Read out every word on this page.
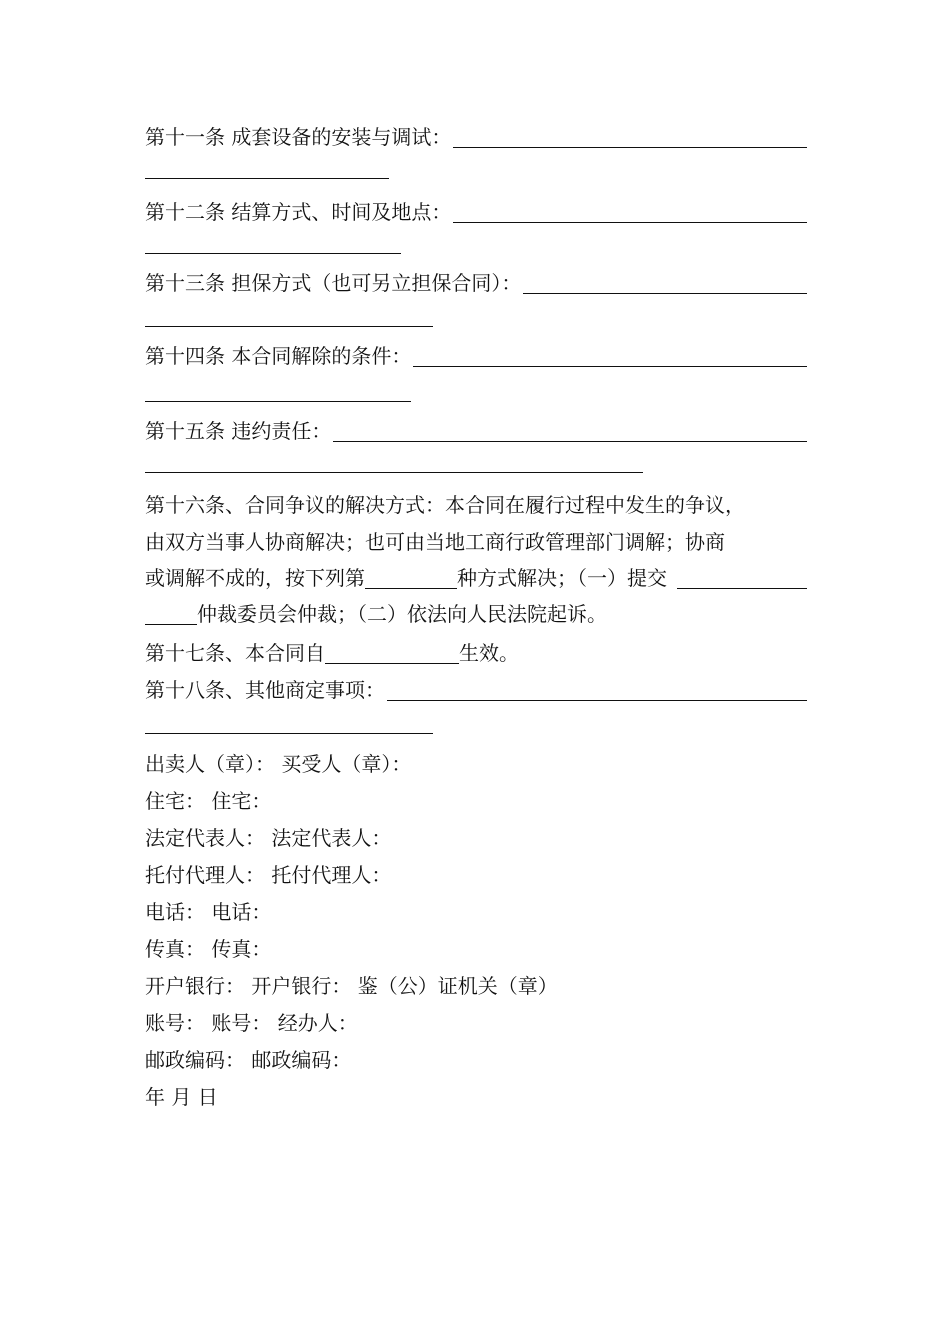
第十一条 成套设备的安装与调试：
第十二条 结算方式、时间及地点：
第十三条 担保方式（也可另立担保合同）：
第十四条 本合同解除的条件：
第十五条 违约责任：
第十六条、合同争议的解决方式：本合同在履行过程中发生的争议，
由双方当事人协商解决；也可由当地工商行政管理部门调解；协商
或调解不成的，按下列第	种方式解决；（一）提交
仲裁委员会仲裁；（二）依法向人民法院起诉。
第十七条、本合同自	生效。
第十八条、其他商定事项：
出卖人（章）： 买受人（章）：
住宅： 住宅：
法定代表人： 法定代表人：
托付代理人： 托付代理人：
电话： 电话：
传真： 传真：
开户银行： 开户银行： 鉴（公）证机关（章）
账号： 账号： 经办人：
邮政编码： 邮政编码：
年 月 日
